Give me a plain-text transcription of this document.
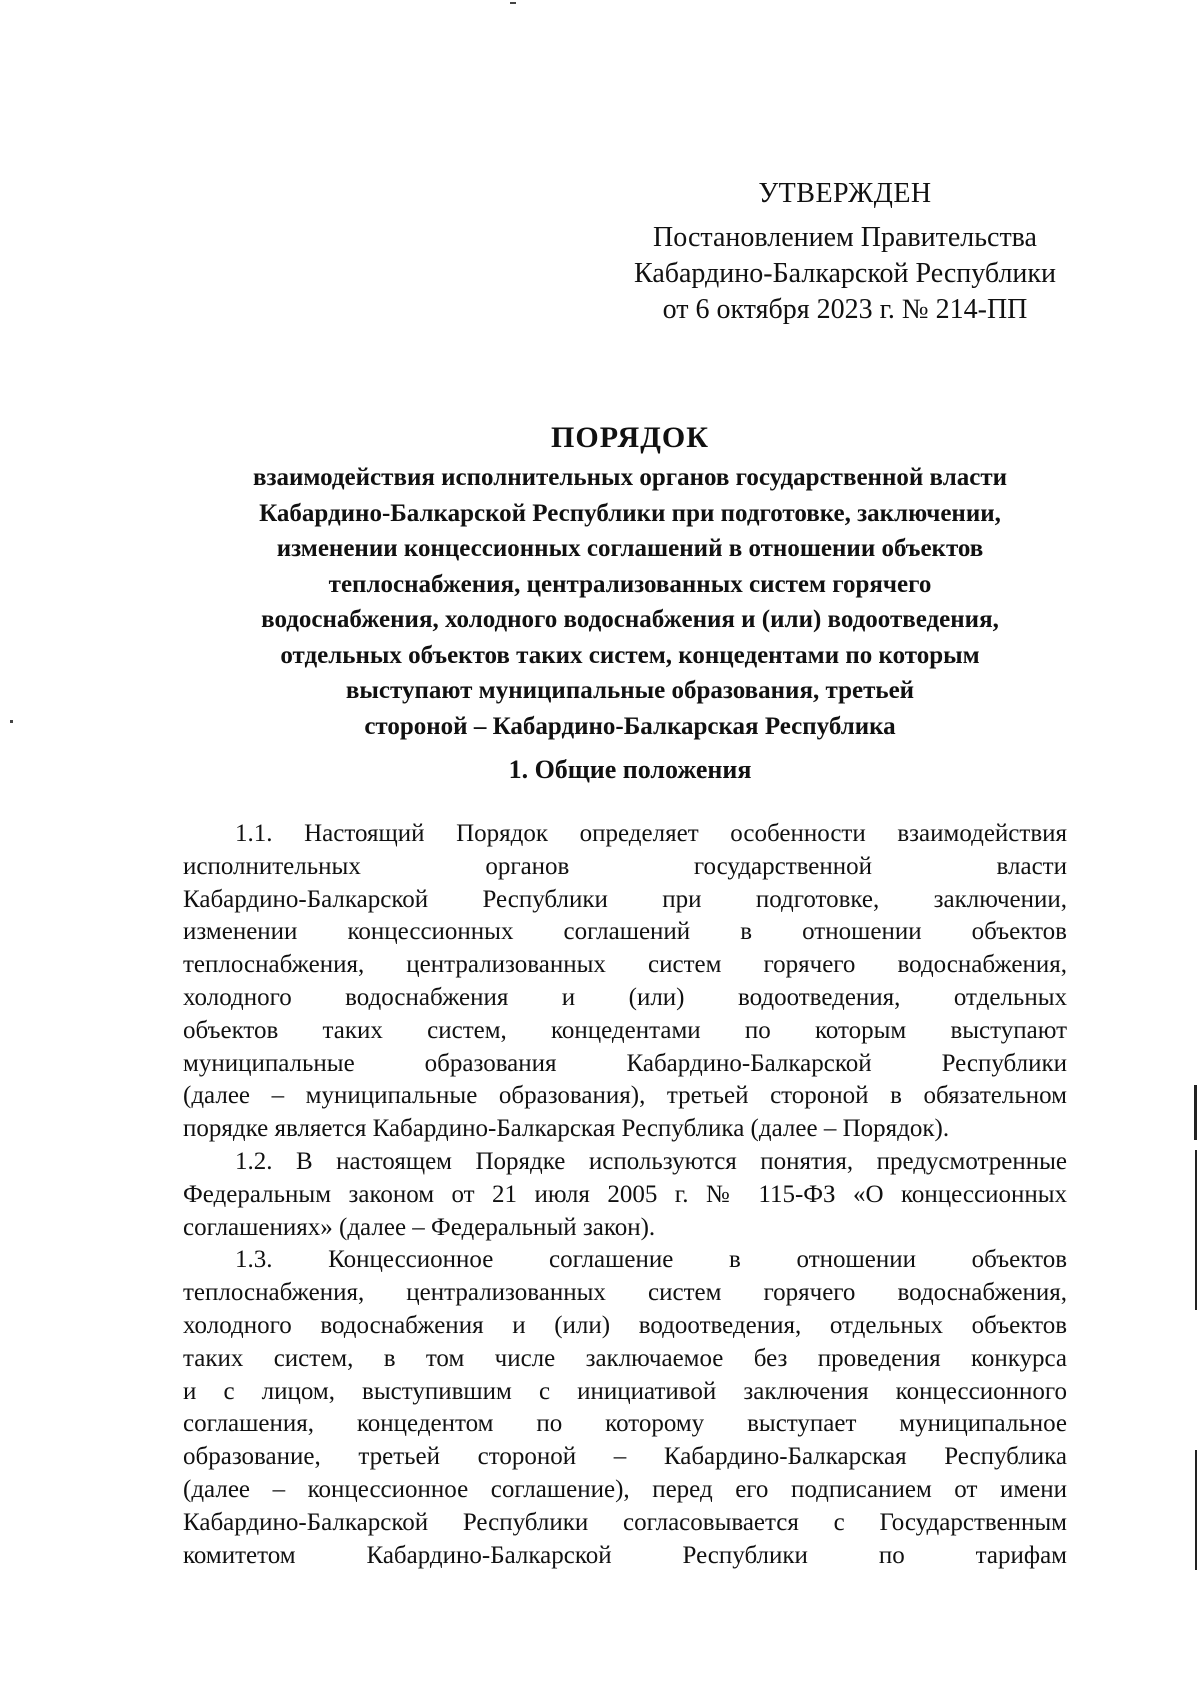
УТВЕРЖДЕН
Постановлением Правительства
Кабардино-Балкарской Республики
от 6 октября 2023 г. № 214-ПП
ПОРЯДОК
взаимодействия исполнительных органов государственной власти
Кабардино-Балкарской Республики при подготовке, заключении,
изменении концессионных соглашений в отношении объектов
теплоснабжения, централизованных систем горячего
водоснабжения, холодного водоснабжения и (или) водоотведения,
отдельных объектов таких систем, концедентами по которым
выступают муниципальные образования, третьей
стороной – Кабардино-Балкарская Республика
1. Общие положения
1.1. Настоящий Порядок определяет особенности взаимодействия
исполнительных органов государственной власти
Кабардино-Балкарской Республики при подготовке, заключении,
изменении концессионных соглашений в отношении объектов
теплоснабжения, централизованных систем горячего водоснабжения,
холодного водоснабжения и (или) водоотведения, отдельных
объектов таких систем, концедентами по которым выступают
муниципальные образования Кабардино-Балкарской Республики
(далее – муниципальные образования), третьей стороной в обязательном
порядке является Кабардино-Балкарская Республика (далее – Порядок).
1.2. В настоящем Порядке используются понятия, предусмотренные
Федеральным законом от 21 июля 2005 г. № 115-ФЗ «О концессионных
соглашениях» (далее – Федеральный закон).
1.3. Концессионное соглашение в отношении объектов
теплоснабжения, централизованных систем горячего водоснабжения,
холодного водоснабжения и (или) водоотведения, отдельных объектов
таких систем, в том числе заключаемое без проведения конкурса
и с лицом, выступившим с инициативой заключения концессионного
соглашения, концедентом по которому выступает муниципальное
образование, третьей стороной – Кабардино-Балкарская Республика
(далее – концессионное соглашение), перед его подписанием от имени
Кабардино-Балкарской Республики согласовывается с Государственным
комитетом Кабардино-Балкарской Республики по тарифам
